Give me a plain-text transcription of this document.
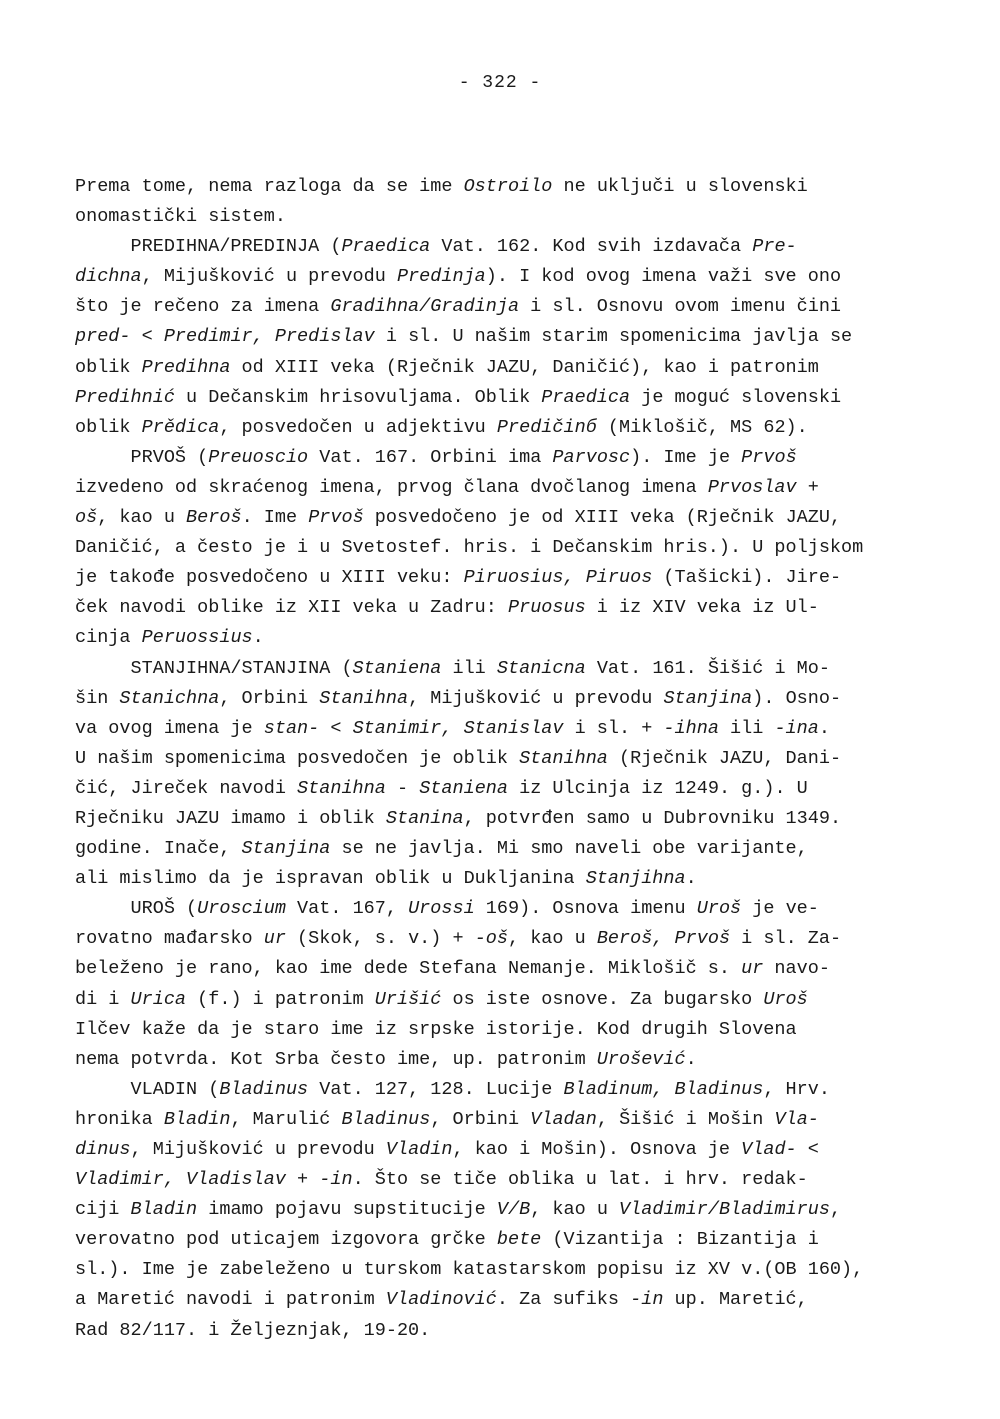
- 322 -
Prema tome, nema razloga da se ime Ostroilo ne uključi u slovenski
onomastički sistem.
PREDIHNA/PREDINJA (Praedica Vat. 162. Kod svih izdavača Pre-
dichna, Mijušković u prevodu Predinja). I kod ovog imena važi sve ono
što je rečeno za imena Gradihna/Gradinja i sl. Osnovu ovom imenu čini
pred- < Predimir, Predislav i sl. U našim starim spomenicima javlja se
oblik Predihna od XIII veka (Rječnik JAZU, Daničić), kao i patronim
Predihnić u Dečanskim hrisovuljama. Oblik Praedica je moguć slovenski
oblik Prědica, posvedočen u adjektivu Predičinб (Miklošič, MS 62).
PRVOŠ (Preuoscio Vat. 167. Orbini ima Parvosc). Ime je Prvoš
izvedeno od skraćenog imena, prvog člana dvočlanog imena Prvoslav +
oš, kao u Beroš. Ime Prvoš posvedočeno je od XIII veka (Rječnik JAZU,
Daničić, a često je i u Svetostef. hris. i Dečanskim hris.). U poljskom
je takođe posvedočeno u XIII veku: Piruosius, Piruos (Tašicki). Jire-
ček navodi oblike iz XII veka u Zadru: Pruosus i iz XIV veka iz Ul-
cinja Peruossius.
STANJIHNA/STANJINA (Staniena ili Stanicna Vat. 161. Šišić i Mo-
šin Stanichna, Orbini Stanihna, Mijušković u prevodu Stanjina). Osno-
va ovog imena je stan- < Stanimir, Stanislav i sl. + -ihna ili -ina.
U našim spomenicima posvedočen je oblik Stanihna (Rječnik JAZU, Dani-
čić, Jireček navodi Stanihna - Staniena iz Ulcinja iz 1249. g.). U
Rječniku JAZU imamo i oblik Stanina, potvrđen samo u Dubrovniku 1349.
godine. Inače, Stanjina se ne javlja. Mi smo naveli obe varijante,
ali mislimo da je ispravan oblik u Dukljanina Stanjihna.
UROŠ (Uroscium Vat. 167, Urossi 169). Osnova imenu Uroš je ve-
rovatno mađarsko ur (Skok, s. v.) + -oš, kao u Beroš, Prvoš i sl. Za-
beleženo je rano, kao ime dede Stefana Nemanje. Miklošič s. ur navo-
di i Urica (f.) i patronim Urišić os iste osnove. Za bugarsko Uroš
Ilčev kaže da je staro ime iz srpske istorije. Kod drugih Slovena
nema potvrda. Kot Srba često ime, up. patronim Urošević.
VLADIN (Bladinus Vat. 127, 128. Lucije Bladinum, Bladinus, Hrv.
hronika Bladin, Marulić Bladinus, Orbini Vladan, Šišić i Mošin Vla-
dinus, Mijušković u prevodu Vladin, kao i Mošin). Osnova je Vlad- <
Vladimir, Vladislav + -in. Što se tiče oblika u lat. i hrv. redak-
ciji Bladin imamo pojavu supstitucije V/B, kao u Vladimir/Bladimirus,
verovatno pod uticajem izgovora grčke bete (Vizantija : Bizantija i
sl.). Ime je zabeleženo u turskom katastarskom popisu iz XV v.(OB 160),
a Maretić navodi i patronim Vladinović. Za sufiks -in up. Maretić,
Rad 82/117. i Željeznjak, 19-20.
